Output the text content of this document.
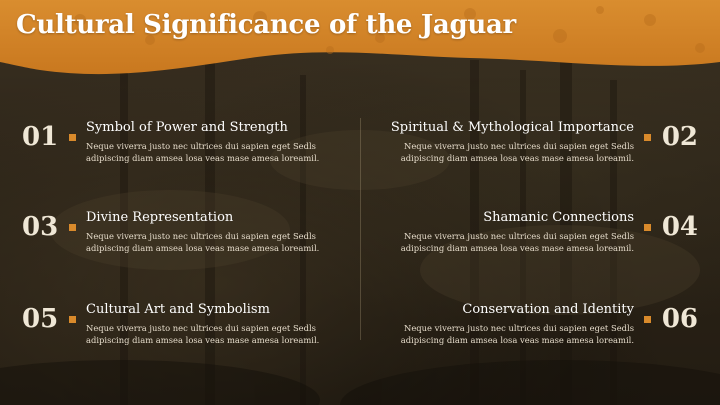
Cultural Significance of the Jaguar
01 Symbol of Power and Strength
Neque viverra justo nec ultrices dui sapien eget Sedls adipiscing diam amsea losa veas mase amesa loreamil.
02
Spiritual & Mythological Importance
Neque viverra justo nec ultrices dui sapien eget Sedls adipiscing diam amsea losa veas mase amesa loreamil.
03 Divine Representation
Neque viverra justo nec ultrices dui sapien eget Sedls adipiscing diam amsea losa veas mase amesa loreamil.
04
Shamanic Connections
Neque viverra justo nec ultrices dui sapien eget Sedls adipiscing diam amsea losa veas mase amesa loreamil.
05 Cultural Art and Symbolism
Neque viverra justo nec ultrices dui sapien eget Sedls adipiscing diam amsea losa veas mase amesa loreamil.
06
Conservation and Identity
Neque viverra justo nec ultrices dui sapien eget Sedls adipiscing diam amsea losa veas mase amesa loreamil.
